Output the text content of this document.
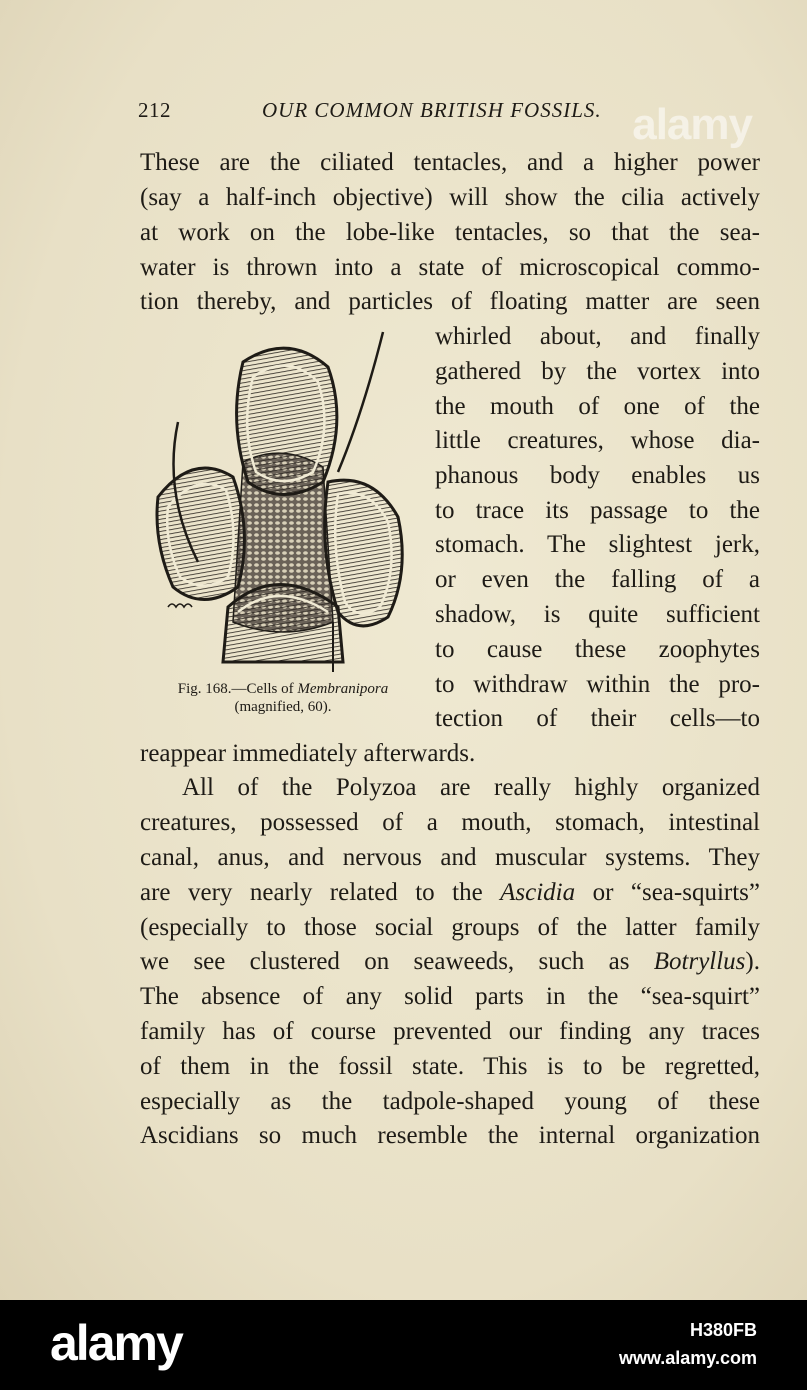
212	OUR COMMON BRITISH FOSSILS. alamy
These are the ciliated tentacles, and a higher power
(say a half-inch objective) will show the cilia actively
at work on the lobe-like tentacles, so that the sea-
water is thrown into a state of microscopical commo-
tion thereby, and particles of floating matter are seen
whirled about, and finally
gathered by the vortex into
the mouth of one of the
little creatures, whose dia-
phanous body enables us
to trace its passage to the
stomach. The slightest jerk,
or even the falling of a
shadow, is quite sufficient
to cause these zoophytes
to withdraw within the pro-
tection of their cells—to
Fig. 168.—Cells of Membranipora
(magnified, 60).
reappear immediately afterwards.
All of the Polyzoa are really highly organized
creatures, possessed of a mouth, stomach, intestinal
canal, anus, and nervous and muscular systems. They
are very nearly related to the Ascidia or “sea-squirts”
(especially to those social groups of the latter family
we see clustered on seaweeds, such as Botryllus).
The absence of any solid parts in the “sea-squirt”
family has of course prevented our finding any traces
of them in the fossil state. This is to be regretted,
especially as the tadpole-shaped young of these
Ascidians so much resemble the internal organization
alamy	H380FB
www.alamy.com
